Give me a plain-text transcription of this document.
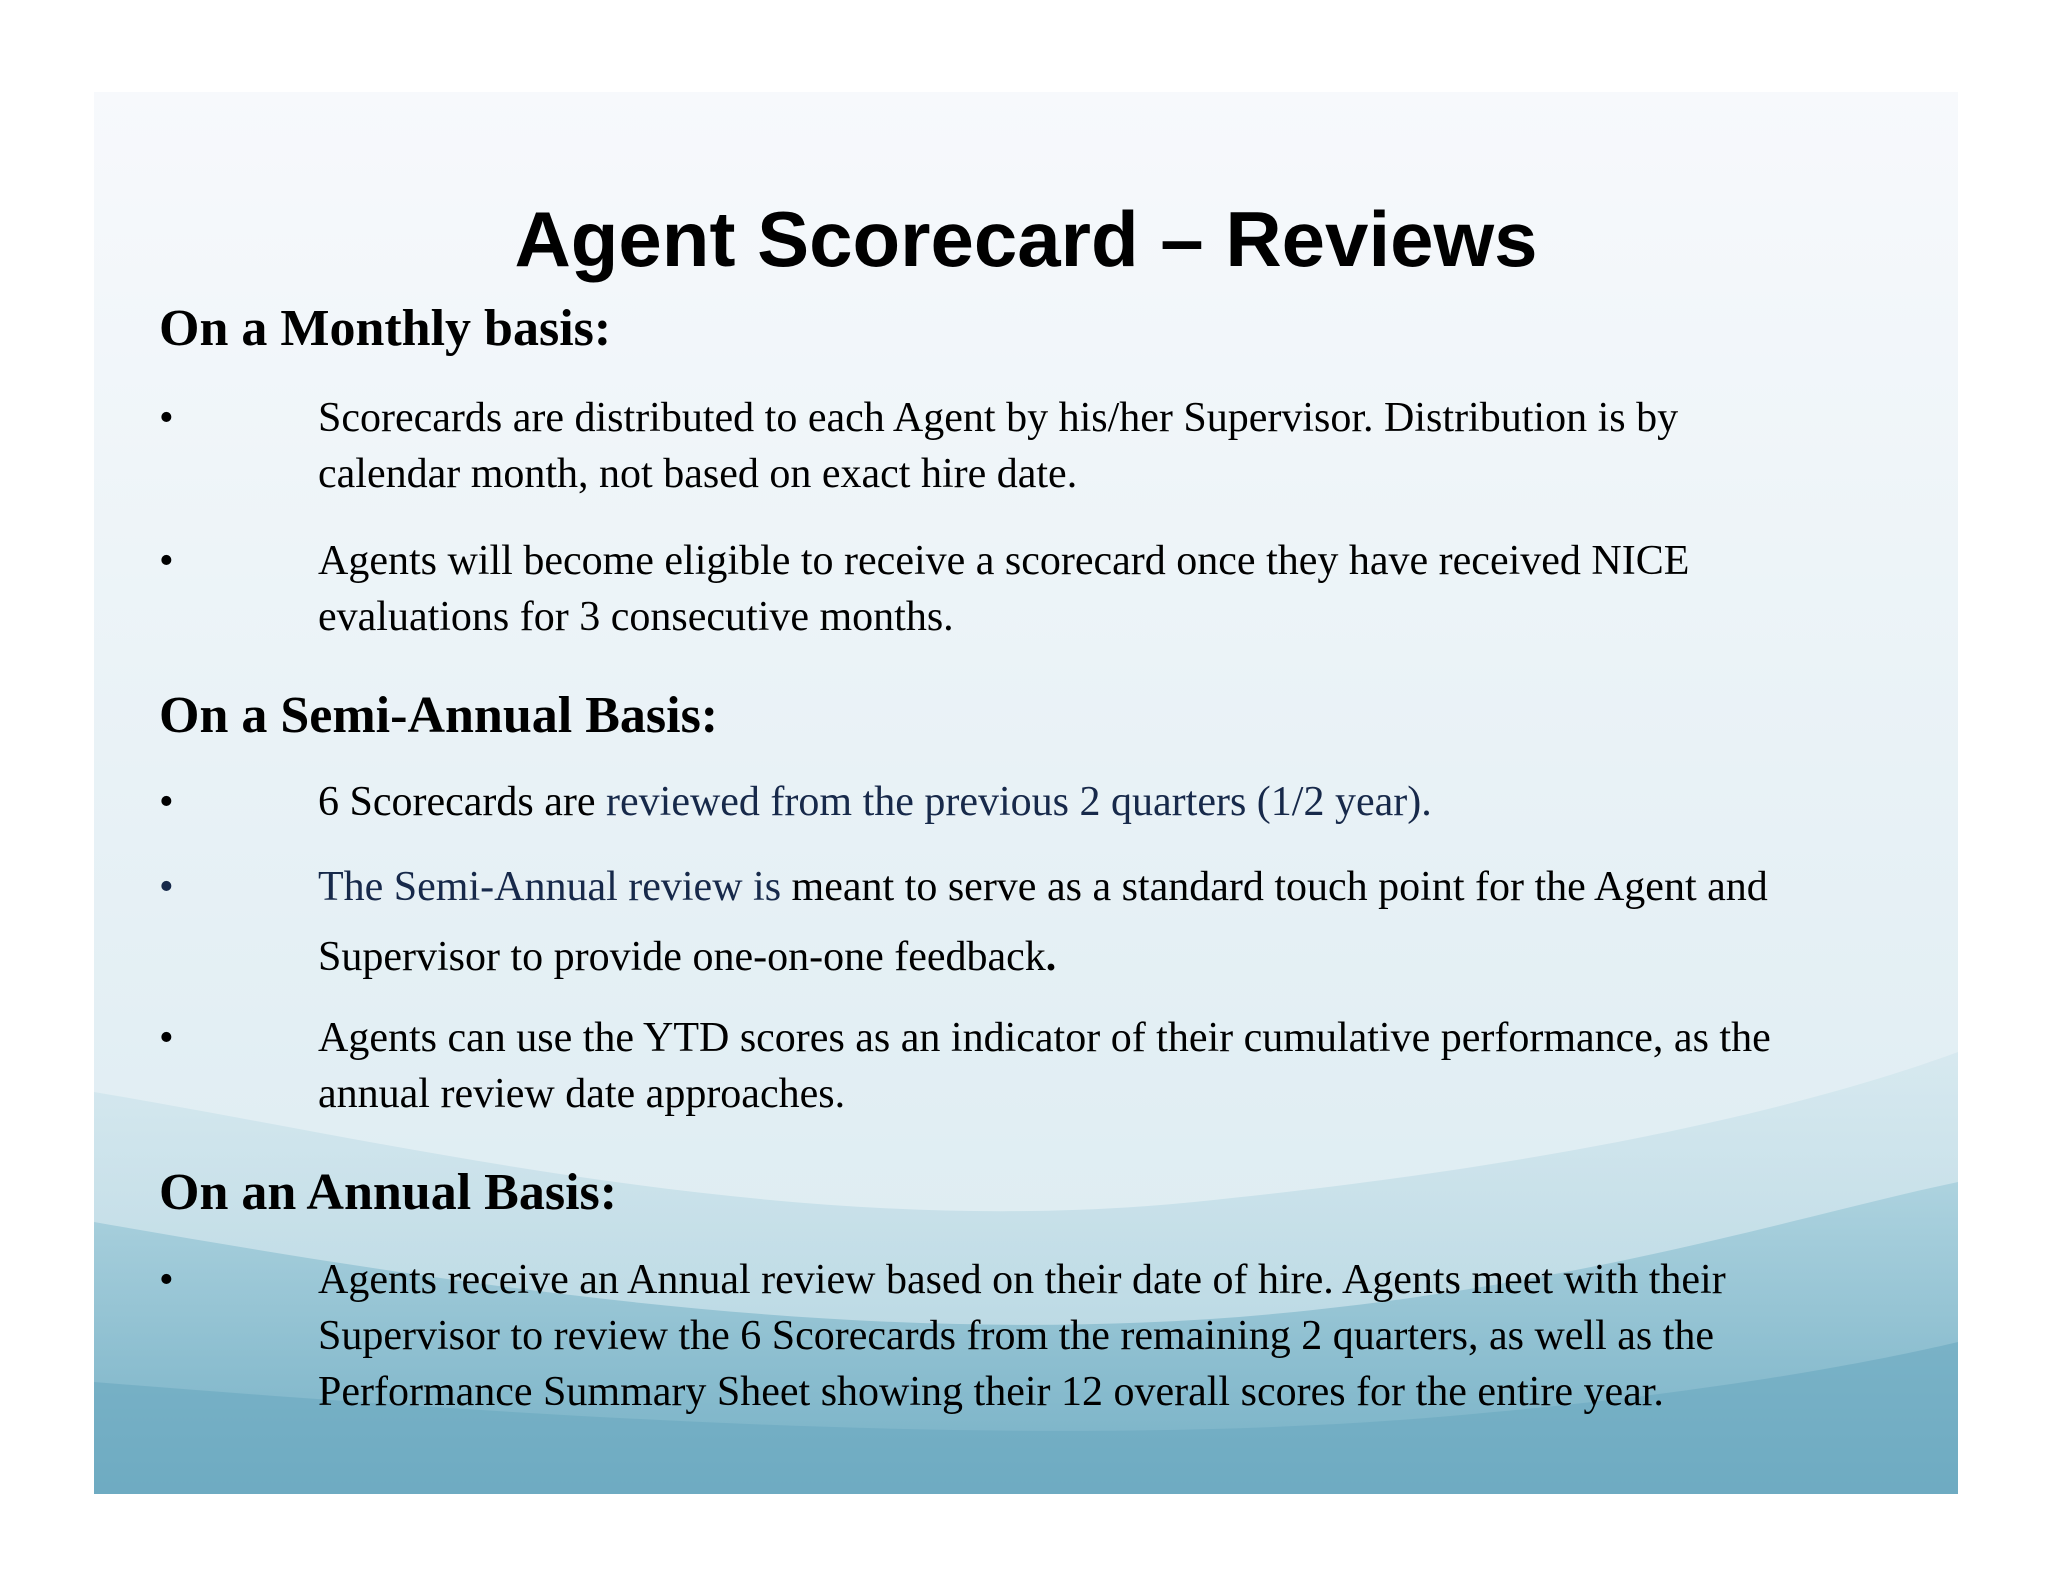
Agent Scorecard – Reviews
On a Monthly basis:
•	Scorecards are distributed to each Agent by his/her Supervisor. Distribution is by
calendar month, not based on exact hire date.
•	Agents will become eligible to receive a scorecard once they have received NICE
evaluations for 3 consecutive months.
On a Semi-Annual Basis:
•	6 Scorecards are reviewed from the previous 2 quarters (1/2 year).
•	The Semi-Annual review is meant to serve as a standard touch point for the Agent and
Supervisor to provide one-on-one feedback.
•	Agents can use the YTD scores as an indicator of their cumulative performance, as the
annual review date approaches.
On an Annual Basis:
•	Agents receive an Annual review based on their date of hire. Agents meet with their
Supervisor to review the 6 Scorecards from the remaining 2 quarters, as well as the
Performance Summary Sheet showing their 12 overall scores for the entire year.
